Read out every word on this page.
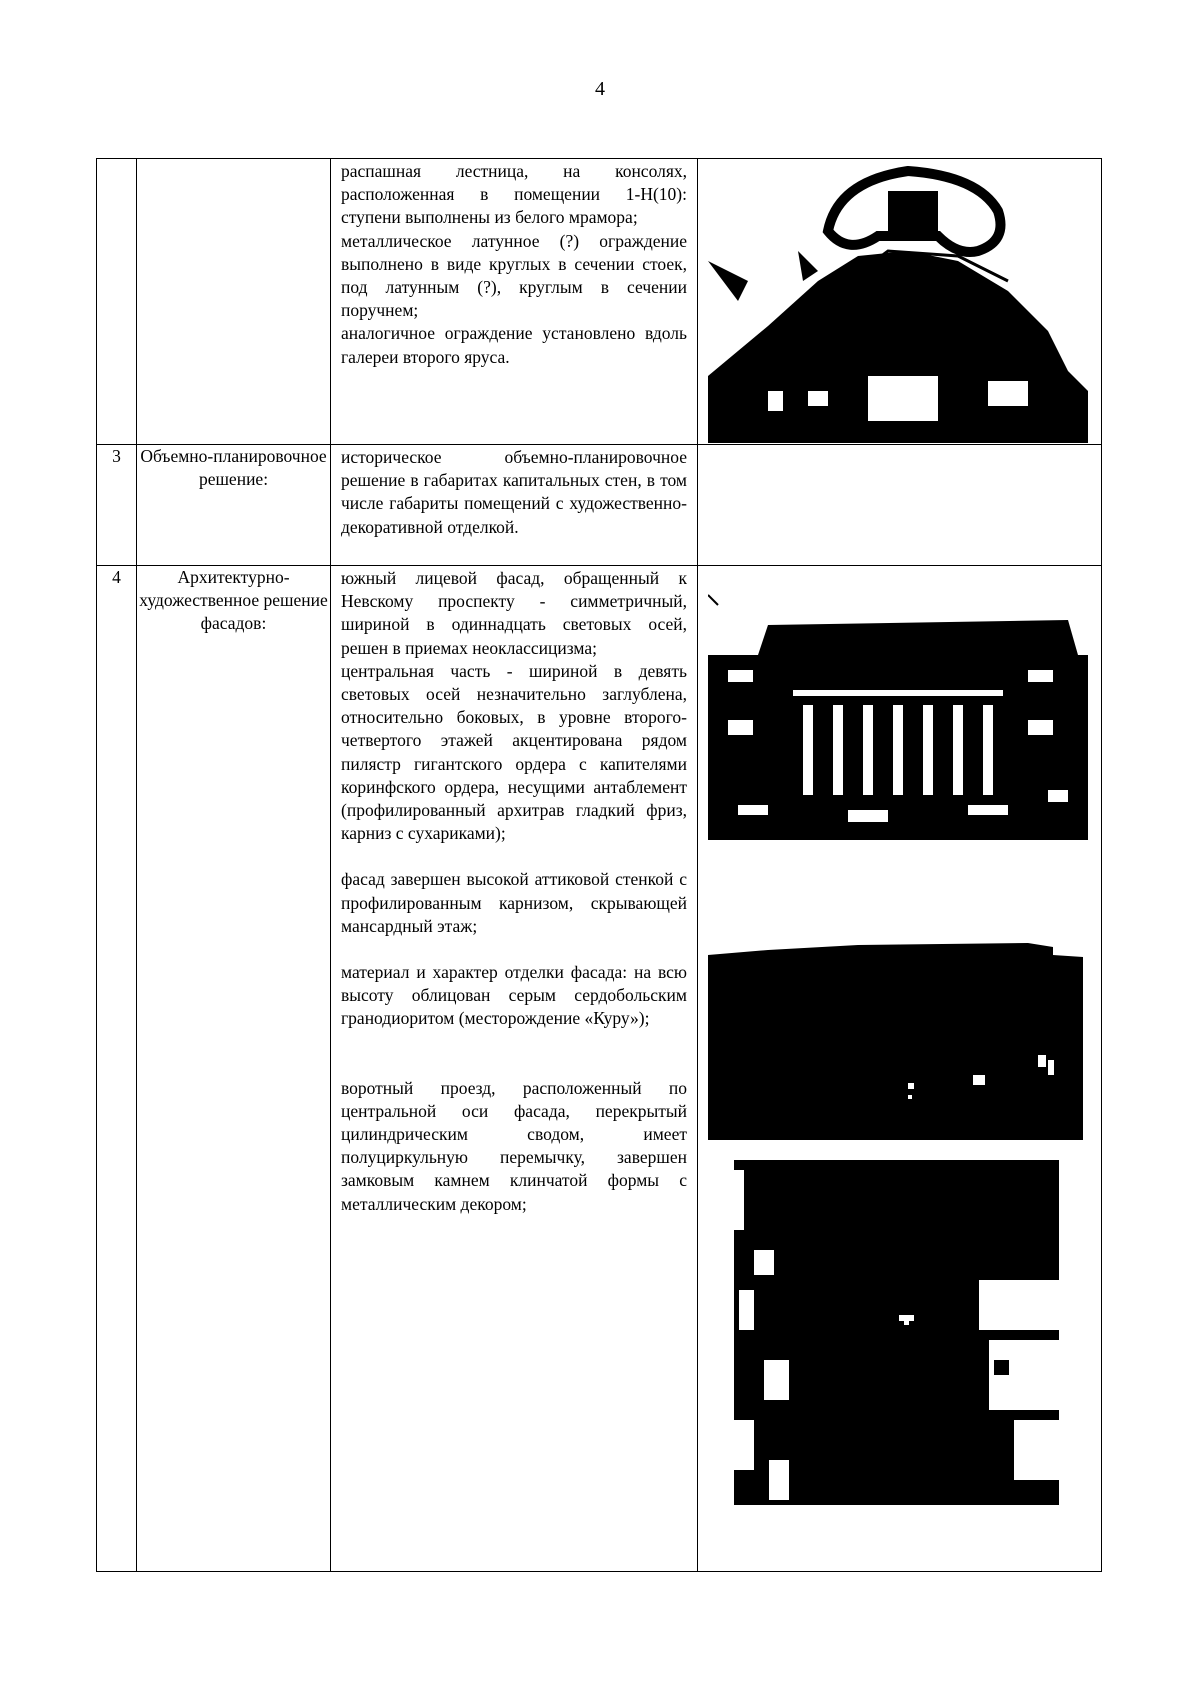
4

		распашная лестница, на консолях, расположенная в помещении 1-Н(10): ступени выполнены из белого мрамора;
металлическое латунное (?) ограждение выполнено в виде круглых в сечении стоек, под латунным (?), круглым в сечении поручнем;
аналогичное ограждение установлено вдоль галереи второго яруса.

3	Объемно-планировочное решение:	историческое объемно-планировочное решение в габаритах капитальных стен, в том числе габариты помещений с художественно-декоративной отделкой.	

4	Архитектурно-художественное решение фасадов:	южный лицевой фасад, обращенный к Невскому проспекту - симметричный, шириной в одиннадцать световых осей, решен в приемах неоклассицизма;
центральная часть - шириной в девять световых осей незначительно заглублена, относительно боковых, в уровне второго-четвертого этажей акцентирована рядом пилястр гигантского ордера с капителями коринфского ордера, несущими антаблемент (профилированный архитрав гладкий фриз, карниз с сухариками);
фасад завершен высокой аттиковой стенкой с профилированным карнизом, скрывающей мансардный этаж;
материал и характер отделки фасада: на всю высоту облицован серым сердобольским гранодиоритом (месторождение «Куру»);
воротный проезд, расположенный по центральной оси фасада, перекрытый цилиндрическим сводом, имеет полуциркульную перемычку, завершен замковым камнем клинчатой формы с металлическим декором;
